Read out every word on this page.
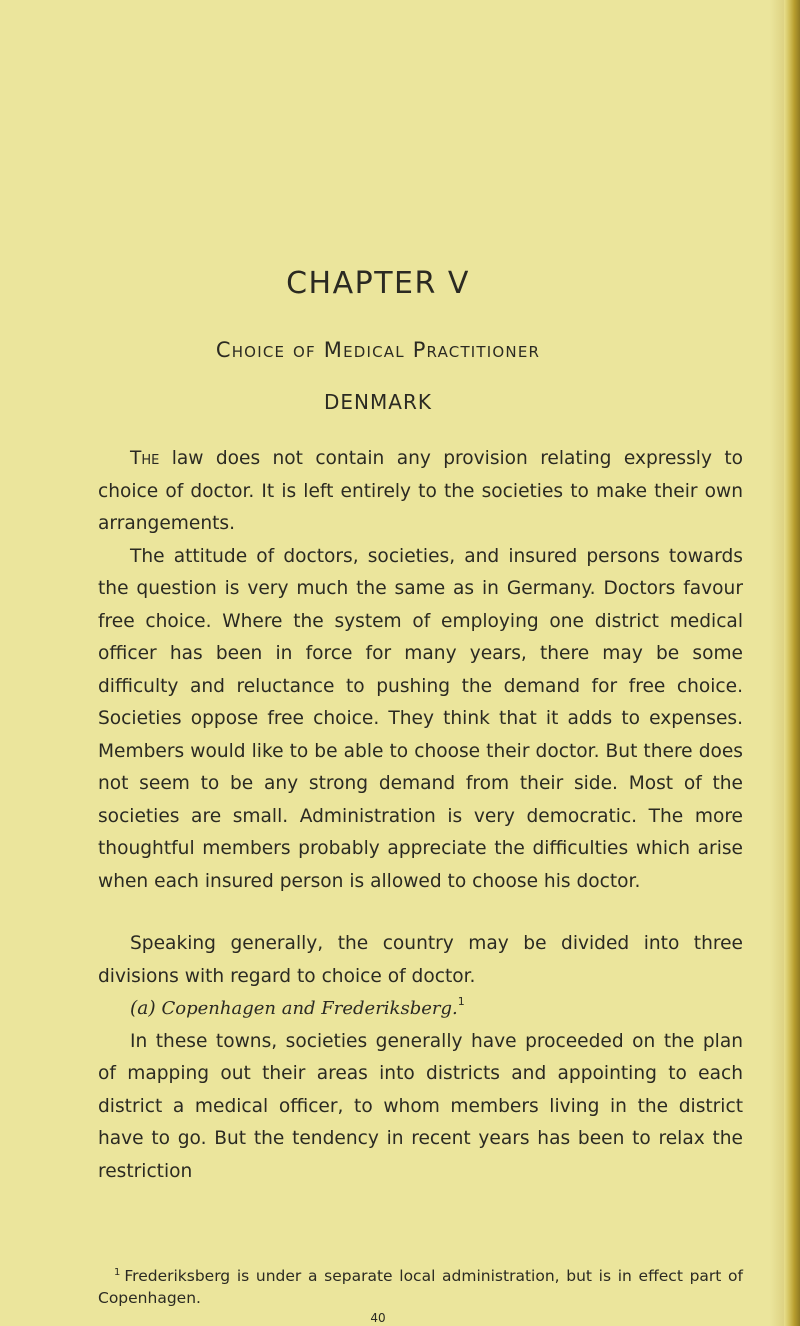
CHAPTER V
Choice of Medical Practitioner
DENMARK

The law does not contain any provision relating expressly to choice of doctor. It is left entirely to the societies to make their own arrangements.

The attitude of doctors, societies, and insured persons towards the question is very much the same as in Germany. Doctors favour free choice. Where the system of employing one district medical officer has been in force for many years, there may be some difficulty and reluctance to pushing the demand for free choice. Societies oppose free choice. They think that it adds to expenses. Members would like to be able to choose their doctor. But there does not seem to be any strong demand from their side. Most of the societies are small. Administration is very democratic. The more thoughtful members probably appreciate the difficulties which arise when each insured person is allowed to choose his doctor.

Speaking generally, the country may be divided into three divisions with regard to choice of doctor.

(a) Copenhagen and Frederiksberg.$^1$

In these towns, societies generally have proceeded on the plan of mapping out their areas into districts and appointing to each district a medical officer, to whom members living in the district have to go. But the tendency in recent years has been to relax the restriction

$^1$ Frederiksberg is under a separate local administration, but is in effect part of Copenhagen.
40
